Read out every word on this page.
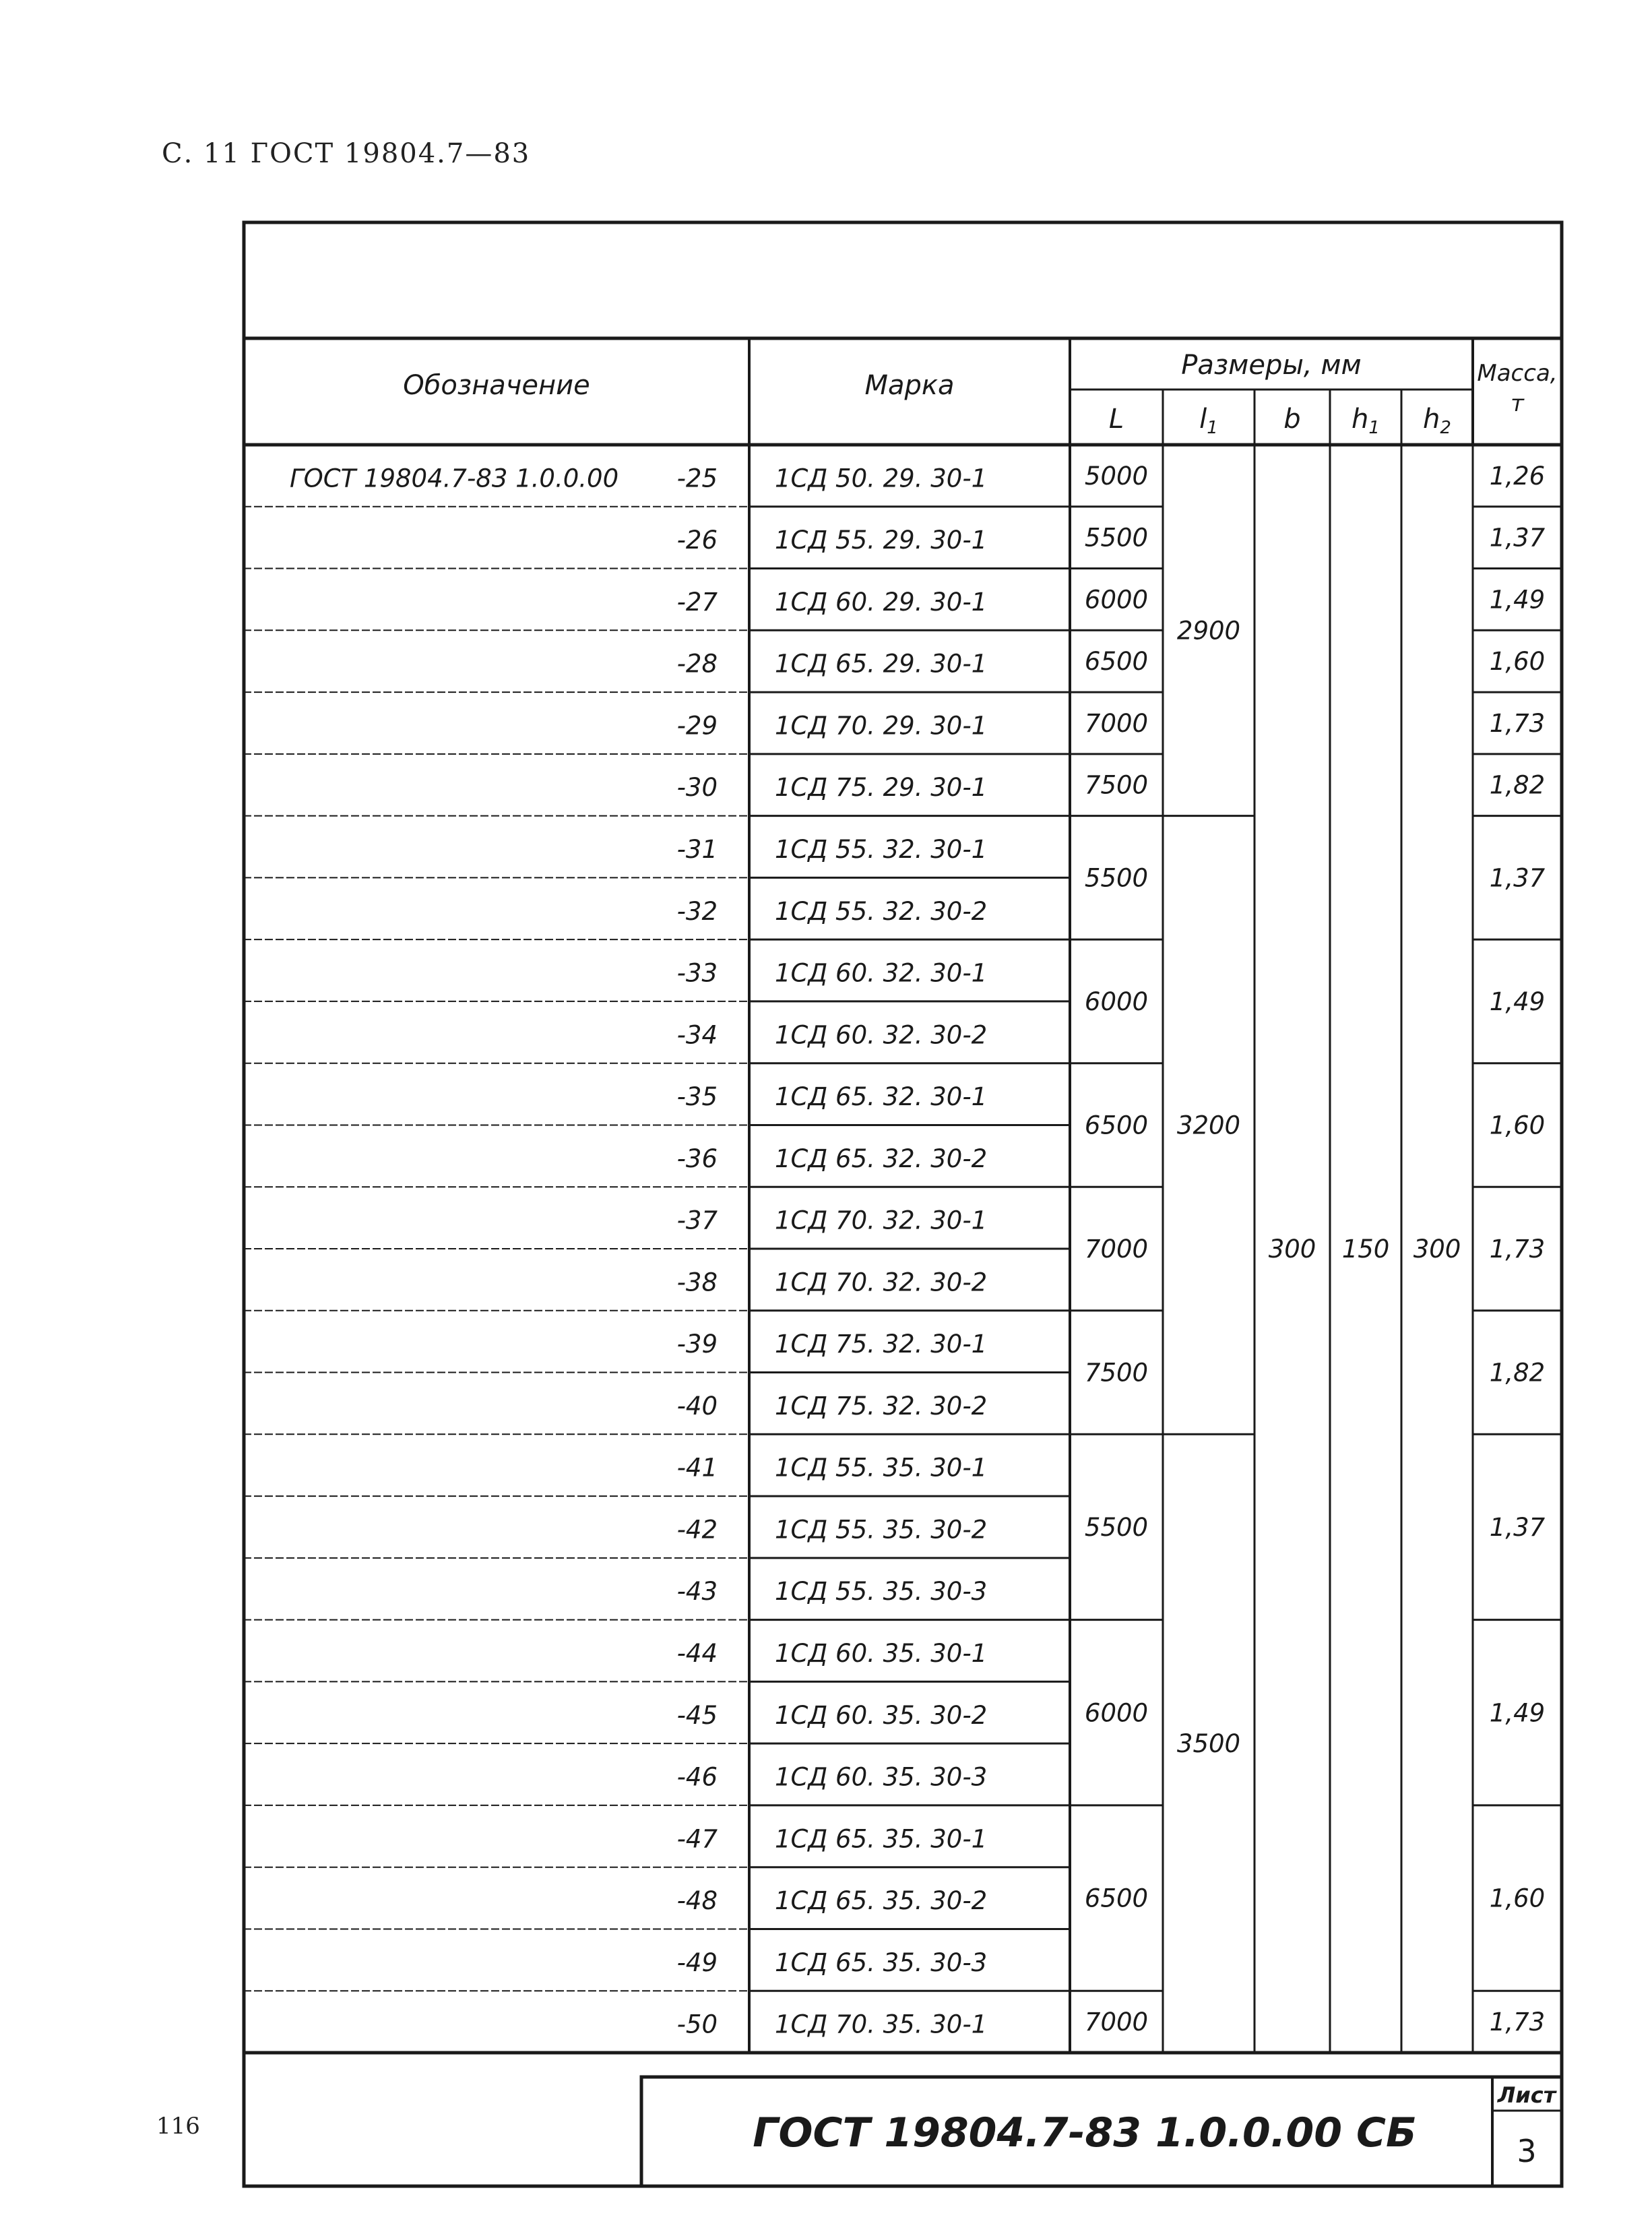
С. 11 ГОСТ 19804.7—83
116
Обозначение	Марка
Размеры, мм
L	$l_1$ b $h_1$ $h_2$
Масса,
т
ГОСТ 19804.7-83 1.0.0.00 -25 1СД 50. 29. 30-1
-26 1СД 55. 29. 30-1
-27 1СД 60. 29. 30-1
-28 1СД 65. 29. 30-1
-29 1СД 70. 29. 30-1
-30 1СД 75. 29. 30-1
-31 1СД 55. 32. 30-1
-32 1СД 55. 32. 30-2
-33 1СД 60. 32. 30-1
-34 1СД 60. 32. 30-2
-35 1СД 65. 32. 30-1
-36 1СД 65. 32. 30-2
-37 1СД 70. 32. 30-1
-38 1СД 70. 32. 30-2
-39 1СД 75. 32. 30-1
-40 1СД 75. 32. 30-2
-41 1СД 55. 35. 30-1
-42 1СД 55. 35. 30-2
-43 1СД 55. 35. 30-3
-44 1СД 60. 35. 30-1
-45 1СД 60. 35. 30-2
-46 1СД 60. 35. 30-3
-47 1СД 65. 35. 30-1
-48 1СД 65. 35. 30-2
-49 1СД 65. 35. 30-3
-50 1СД 70. 35. 30-1
5000
5500
6000
6500
7000
7500
5500
6000
6500
7000
7500
5500
6000
6500
7000
2900
3200
3500
1,26
1,37
1,49
1,60
1,73
1,82
1,37
1,49
1,60
1,73
1,82
1,37
1,49
1,60
1,73
300 150 300
ГОСТ 19804.7-83 1.0.0.00 СБ
Лист
3
